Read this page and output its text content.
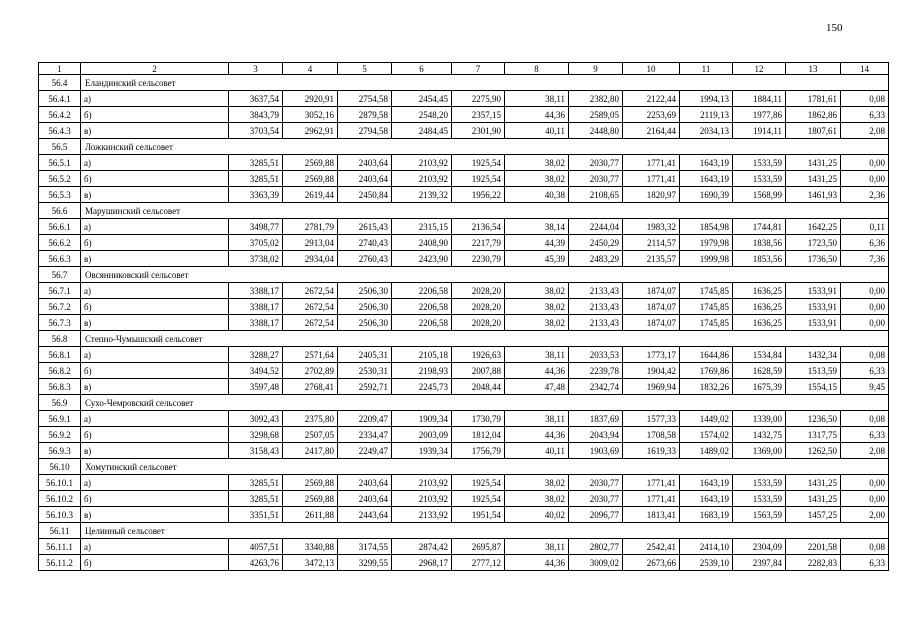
150
1	2	3	4	5	6	7	8	9	10	11	12	13	14
56.4	Еландинский сельсовет												
56.4.1	а)	3637,54	2920,91	2754,58	2454,45	2275,90	38,11	2382,80	2122,44	1994,13	1884,11	1781,61	0,08
56.4.2	б)	3843,79	3052,16	2879,58	2548,20	2357,15	44,36	2589,05	2253,69	2119,13	1977,86	1862,86	6,33
56.4.3	в)	3703,54	2962,91	2794,58	2484,45	2301,90	40,11	2448,80	2164,44	2034,13	1914,11	1807,61	2,08
56.5	Ложкинский сельсовет												
56.5.1	а)	3285,51	2569,88	2403,64	2103,92	1925,54	38,02	2030,77	1771,41	1643,19	1533,59	1431,25	0,00
56.5.2	б)	3285,51	2569,88	2403,64	2103,92	1925,54	38,02	2030,77	1771,41	1643,19	1533,59	1431,25	0,00
56.5.3	в)	3363,39	2619,44	2450,84	2139,32	1956,22	40,38	2108,65	1820,97	1690,39	1568,99	1461,93	2,36
56.6	Марушинский сельсовет												
56.6.1	а)	3498,77	2781,79	2615,43	2315,15	2136,54	38,14	2244,04	1983,32	1854,98	1744,81	1642,25	0,11
56.6.2	б)	3705,02	2913,04	2740,43	2408,90	2217,79	44,39	2450,29	2114,57	1979,98	1838,56	1723,50	6,36
56.6.3	в)	3738,02	2934,04	2760,43	2423,90	2230,79	45,39	2483,29	2135,57	1999,98	1853,56	1736,50	7,36
56.7	Овсянниковский сельсовет												
56.7.1	а)	3388,17	2672,54	2506,30	2206,58	2028,20	38,02	2133,43	1874,07	1745,85	1636,25	1533,91	0,00
56.7.2	б)	3388,17	2672,54	2506,30	2206,58	2028,20	38,02	2133,43	1874,07	1745,85	1636,25	1533,91	0,00
56.7.3	в)	3388,17	2672,54	2506,30	2206,58	2028,20	38,02	2133,43	1874,07	1745,85	1636,25	1533,91	0,00
56.8	Степно-Чумышский сельсовет												
56.8.1	а)	3288,27	2571,64	2405,31	2105,18	1926,63	38,11	2033,53	1773,17	1644,86	1534,84	1432,34	0,08
56.8.2	б)	3494,52	2702,89	2530,31	2198,93	2007,88	44,36	2239,78	1904,42	1769,86	1628,59	1513,59	6,33
56.8.3	в)	3597,48	2768,41	2592,71	2245,73	2048,44	47,48	2342,74	1969,94	1832,26	1675,39	1554,15	9,45
56.9	Сухо-Чемровский сельсовет												
56.9.1	а)	3092,43	2375,80	2209,47	1909,34	1730,79	38,11	1837,69	1577,33	1449,02	1339,00	1236,50	0,08
56.9.2	б)	3298,68	2507,05	2334,47	2003,09	1812,04	44,36	2043,94	1708,58	1574,02	1432,75	1317,75	6,33
56.9.3	в)	3158,43	2417,80	2249,47	1939,34	1756,79	40,11	1903,69	1619,33	1489,02	1369,00	1262,50	2,08
56.10	Хомутинский сельсовет												
56.10.1	а)	3285,51	2569,88	2403,64	2103,92	1925,54	38,02	2030,77	1771,41	1643,19	1533,59	1431,25	0,00
56.10.2	б)	3285,51	2569,88	2403,64	2103,92	1925,54	38,02	2030,77	1771,41	1643,19	1533,59	1431,25	0,00
56.10.3	в)	3351,51	2611,88	2443,64	2133,92	1951,54	40,02	2096,77	1813,41	1683,19	1563,59	1457,25	2,00
56.11	Целинный сельсовет												
56.11.1	а)	4057,51	3340,88	3174,55	2874,42	2695,87	38,11	2802,77	2542,41	2414,10	2304,09	2201,58	0,08
56.11.2	б)	4263,76	3472,13	3299,55	2968,17	2777,12	44,36	3009,02	2673,66	2539,10	2397,84	2282,83	6,33
